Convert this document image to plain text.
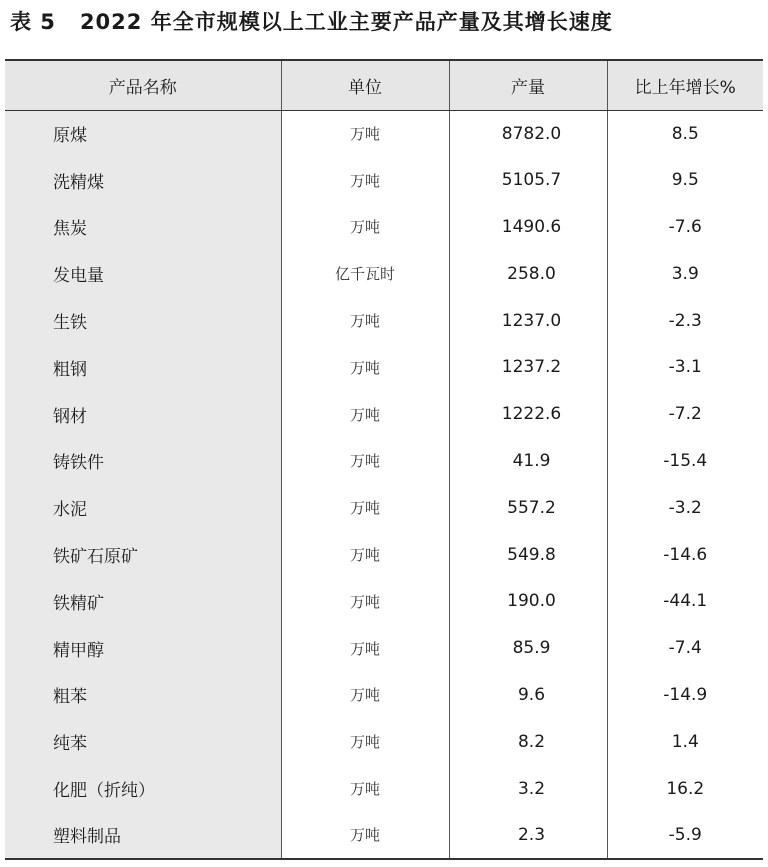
表 5 2022 年全市规模以上工业主要产品产量及其增长速度
产品名称	单位	产量	比上年增长%
原煤	万吨	8782.0	8.5
洗精煤	万吨	5105.7	9.5
焦炭	万吨	1490.6	-7.6
发电量	亿千瓦时	258.0	3.9
生铁	万吨	1237.0	-2.3
粗钢	万吨	1237.2	-3.1
钢材	万吨	1222.6	-7.2
铸铁件	万吨	41.9	-15.4
水泥	万吨	557.2	-3.2
铁矿石原矿	万吨	549.8	-14.6
铁精矿	万吨	190.0	-44.1
精甲醇	万吨	85.9	-7.4
粗苯	万吨	9.6	-14.9
纯苯	万吨	8.2	1.4
化肥（折纯）	万吨	3.2	16.2
塑料制品	万吨	2.3	-5.9
